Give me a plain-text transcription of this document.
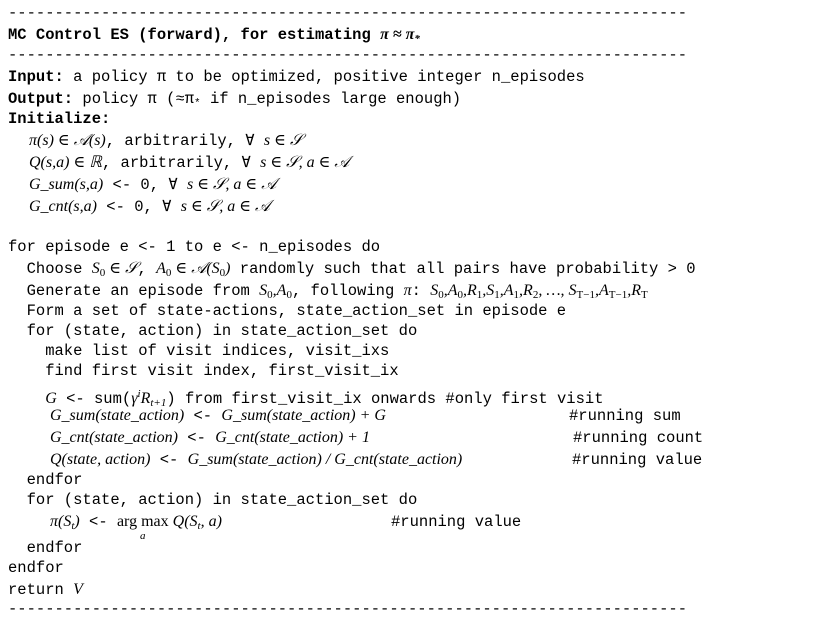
-------------------------------------------------------------------------
MC Control ES (forward), for estimating $\pi \approx \pi_*$
-------------------------------------------------------------------------
Input: a policy π to be optimized, positive integer n_episodes
Output: policy π ($\approx\pi_*$ if n_episodes large enough)
Initialize:
π(s) ∈ 𝒜(s), arbitrarily, ∀ s ∈ 𝒮
Q(s,a) ∈ ℝ, arbitrarily, ∀ s ∈ 𝒮, a ∈ 𝒜
G_sum(s,a) <- 0, ∀ s ∈ 𝒮, a ∈ 𝒜
G_cnt(s,a) <- 0, ∀ s ∈ 𝒮, a ∈ 𝒜
for episode e <- 1 to e <- n_episodes do
Choose $S_0$ ∈ 𝒮, $A_0$ ∈ $𝒜(S_0)$ randomly such that all pairs have probability > 0
Generate an episode from $S_0,A_0$, following π: $S_0,A_0,R_1,S_1,A_1,R_2$, …, $S_{T-1},A_{T-1},R_T$
Form a set of state-actions, state_action_set in episode e
for (state, action) in state_action_set do
make list of visit indices, visit_ixs
find first visit index, first_visit_ix
$G <- sum(\gamma^iR_{t+1})$ from first_visit_ix onwards #only first visit
G_sum(state_action) <- G_sum(state_action) + G	#running sum
G_cnt(state_action) <- G_cnt(state_action) + 1	#running count
Q(state, action) <- G_sum(state_action) / G_cnt(state_action)	#running value
endfor
for (state, action) in state_action_set do
$\pi(S_t)$ <- arg max
a
$Q(S_t$, a)	#running value
endfor
endfor
return V
-------------------------------------------------------------------------
